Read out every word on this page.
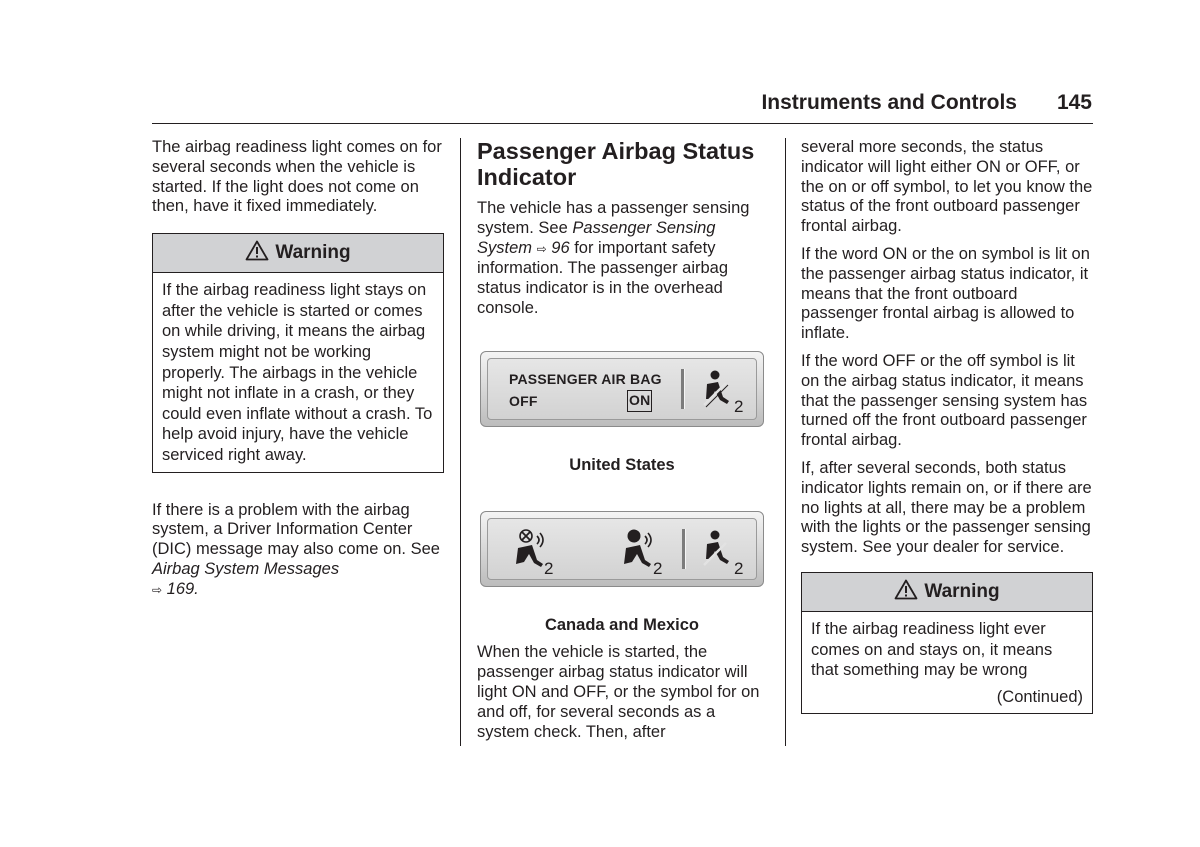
Instruments and Controls 145

The airbag readiness light comes on for several seconds when the vehicle is started. If the light does not come on then, have it fixed immediately.

Warning
If the airbag readiness light stays on after the vehicle is started or comes on while driving, it means the airbag system might not be working properly. The airbags in the vehicle might not inflate in a crash, or they could even inflate without a crash. To help avoid injury, have the vehicle serviced right away.

If there is a problem with the airbag system, a Driver Information Center (DIC) message may also come on. See Airbag System Messages
⇨ 169.

Passenger Airbag Status Indicator

The vehicle has a passenger sensing system. See Passenger Sensing System ⇨ 96 for important safety information. The passenger airbag status indicator is in the overhead console.

PASSENGER AIR BAG
OFF	ON	2
United States
2	2	2
Canada and Mexico

When the vehicle is started, the passenger airbag status indicator will light ON and OFF, or the symbol for on and off, for several seconds as a system check. Then, after

several more seconds, the status indicator will light either ON or OFF, or the on or off symbol, to let you know the status of the front outboard passenger frontal airbag.

If the word ON or the on symbol is lit on the passenger airbag status indicator, it means that the front outboard passenger frontal airbag is allowed to inflate.

If the word OFF or the off symbol is lit on the airbag status indicator, it means that the passenger sensing system has turned off the front outboard passenger frontal airbag.

If, after several seconds, both status indicator lights remain on, or if there are no lights at all, there may be a problem with the lights or the passenger sensing system. See your dealer for service.

Warning
If the airbag readiness light ever comes on and stays on, it means that something may be wrong
(Continued)
